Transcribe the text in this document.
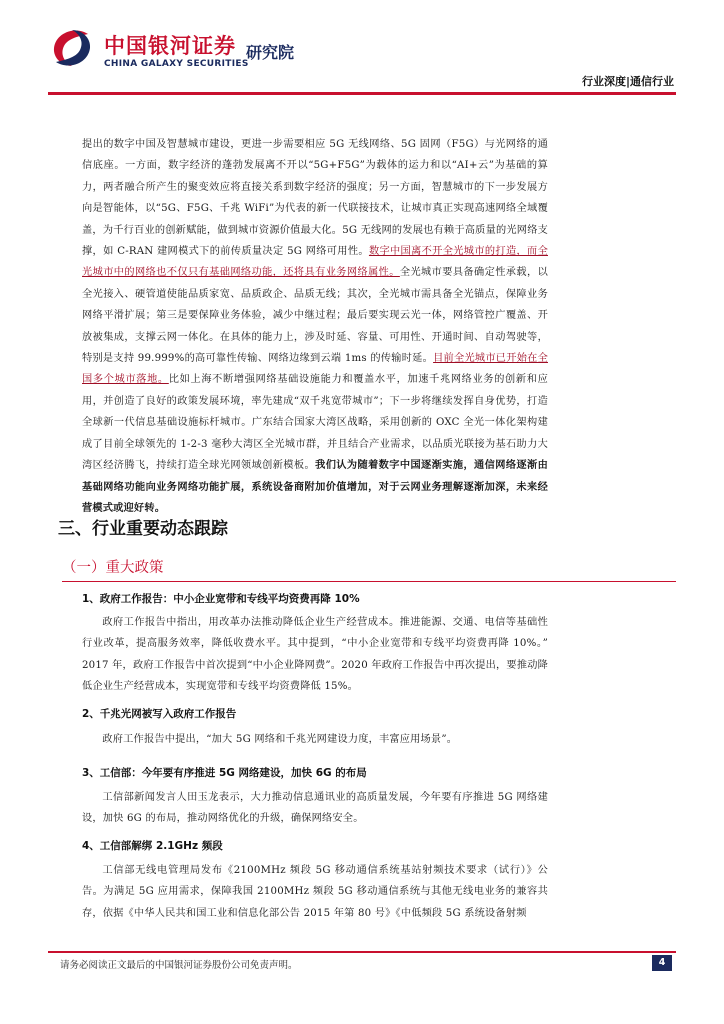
中国银河证券
CHINA GALAXY SECURITIES
研究院
行业深度|通信行业

提出的数字中国及智慧城市建设，更进一步需要相应 5G 无线网络、5G 固网（F5G）与光网络的通信底座。一方面，数字经济的蓬勃发展离不开以“5G+F5G”为载体的运力和以“AI+云”为基础的算力，两者融合所产生的聚变效应将直接关系到数字经济的强度；另一方面，智慧城市的下一步发展方向是智能体，以“5G、F5G、千兆 WiFi”为代表的新一代联接技术，让城市真正实现高速网络全域覆盖，为千行百业的创新赋能，做到城市资源价值最大化。5G 无线网的发展也有赖于高质量的光网络支撑，如 C-RAN 建网模式下的前传质量决定 5G 网络可用性。数字中国离不开全光城市的打造，而全光城市中的网络也不仅只有基础网络功能，还将具有业务网络属性。全光城市要具备确定性承载，以全光接入、硬管道使能品质家宽、品质政企、品质无线；其次，全光城市需具备全光锚点，保障业务网络平滑扩展；第三是要保障业务体验，减少中继过程；最后要实现云光一体，网络管控广覆盖、开放被集成，支撑云网一体化。在具体的能力上，涉及时延、容量、可用性、开通时间、自动驾驶等，特别是支持 99.999%的高可靠性传输、网络边缘到云端 1ms 的传输时延。目前全光城市已开始在全国多个城市落地。比如上海不断增强网络基础设施能力和覆盖水平，加速千兆网络业务的创新和应用，并创造了良好的政策发展环境，率先建成“双千兆宽带城市”；下一步将继续发挥自身优势，打造全球新一代信息基础设施标杆城市。广东结合国家大湾区战略，采用创新的 OXC 全光一体化架构建成了目前全球领先的 1-2-3 毫秒大湾区全光城市群，并且结合产业需求，以品质光联接为基石助力大湾区经济腾飞，持续打造全球光网领域创新模板。我们认为随着数字中国逐渐实施，通信网络逐渐由基础网络功能向业务网络功能扩展，系统设备商附加价值增加，对于云网业务理解逐渐加深，未来经营模式或迎好转。

三、行业重要动态跟踪
（一）重大政策
1、政府工作报告：中小企业宽带和专线平均资费再降 10%

政府工作报告中指出，用改革办法推动降低企业生产经营成本。推进能源、交通、电信等基础性行业改革，提高服务效率，降低收费水平。其中提到，“中小企业宽带和专线平均资费再降 10%。” 2017 年，政府工作报告中首次提到“中小企业降网费”。2020 年政府工作报告中再次提出，要推动降低企业生产经营成本，实现宽带和专线平均资费降低 15%。

2、千兆光网被写入政府工作报告

政府工作报告中提出，“加大 5G 网络和千兆光网建设力度，丰富应用场景”。

3、工信部：今年要有序推进 5G 网络建设，加快 6G 的布局

工信部新闻发言人田玉龙表示，大力推动信息通讯业的高质量发展，今年要有序推进 5G 网络建设，加快 6G 的布局，推动网络优化的升级，确保网络安全。

4、工信部解绑 2.1GHz 频段

工信部无线电管理局发布《2100MHz 频段 5G 移动通信系统基站射频技术要求（试行）》公告。为满足 5G 应用需求，保障我国 2100MHz 频段 5G 移动通信系统与其他无线电业务的兼容共存，依据《中华人民共和国工业和信息化部公告 2015 年第 80 号》《中低频段 5G 系统设备射频

请务必阅读正文最后的中国银河证券股份公司免责声明。	4
